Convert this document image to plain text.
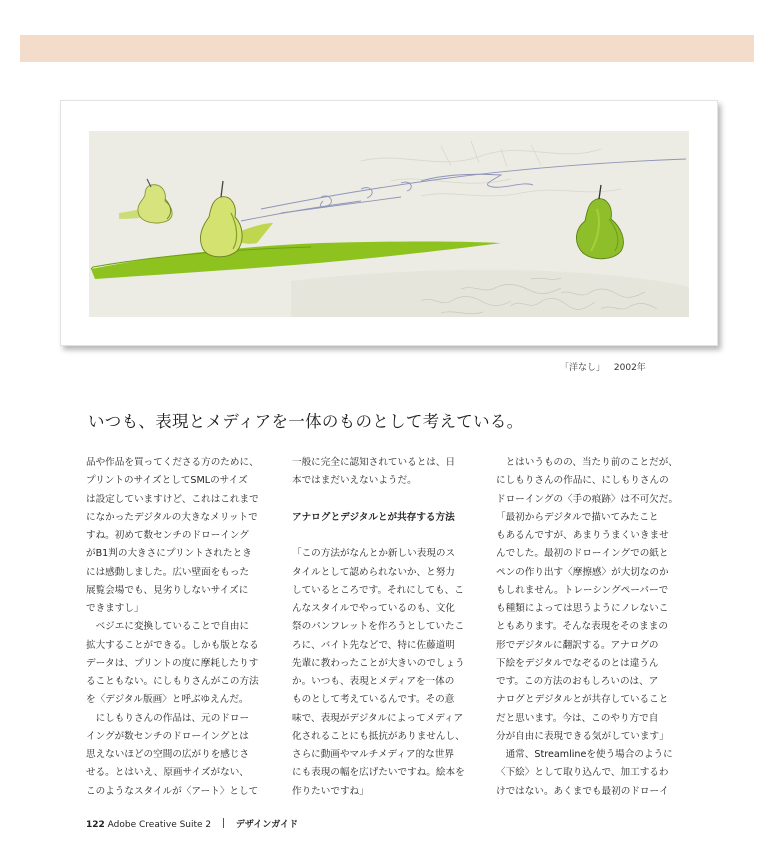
「洋なし」 2002年
いつも、表現とメディアを一体のものとして考えている。
品や作品を買ってくださる方のために、
プリントのサイズとしてSMLのサイズ
は設定していますけど、これはこれまで
になかったデジタルの大きなメリットで
すね。初めて数センチのドローイング
がB1判の大きさにプリントされたとき
には感動しました。広い壁面をもった
展覧会場でも、見劣りしないサイズに
できますし」
　ベジエに変換していることで自由に
拡大することができる。しかも版となる
データは、プリントの度に摩耗したりす
ることもない。にしもりさんがこの方法
を〈デジタル版画〉と呼ぶゆえんだ。
　にしもりさんの作品は、元のドロー
イングが数センチのドローイングとは
思えないほどの空間の広がりを感じさ
せる。とはいえ、原画サイズがない、
このようなスタイルが〈アート〉として
一般に完全に認知されているとは、日
本ではまだいえないようだ。
アナログとデジタルとが共存する方法
「この方法がなんとか新しい表現のス
タイルとして認められないか、と努力
しているところです。それにしても、こ
んなスタイルでやっているのも、文化
祭のパンフレットを作ろうとしていたこ
ろに、バイト先などで、特に佐藤道明
先輩に教わったことが大きいのでしょう
か。いつも、表現とメディアを一体の
ものとして考えているんです。その意
味で、表現がデジタルによってメディア
化されることにも抵抗がありませんし、
さらに動画やマルチメディア的な世界
にも表現の幅を広げたいですね。絵本を
作りたいですね」
　とはいうものの、当たり前のことだが、
にしもりさんの作品に、にしもりさんの
ドローイングの〈手の痕跡〉は不可欠だ。
「最初からデジタルで描いてみたこと
もあるんですが、あまりうまくいきませ
んでした。最初のドローイングでの紙と
ペンの作り出す〈摩擦感〉が大切なのか
もしれません。トレーシングペーパーで
も種類によっては思うようにノレないこ
ともあります。そんな表現をそのままの
形でデジタルに翻訳する。アナログの
下絵をデジタルでなぞるのとは違うん
です。この方法のおもしろいのは、ア
ナログとデジタルとが共存していること
だと思います。今は、このやり方で自
分が自由に表現できる気がしています」
　通常、Streamlineを使う場合のように
〈下絵〉として取り込んで、加工するわ
けではない。あくまでも最初のドローイ
122 Adobe Creative Suite 2	デザインガイド
